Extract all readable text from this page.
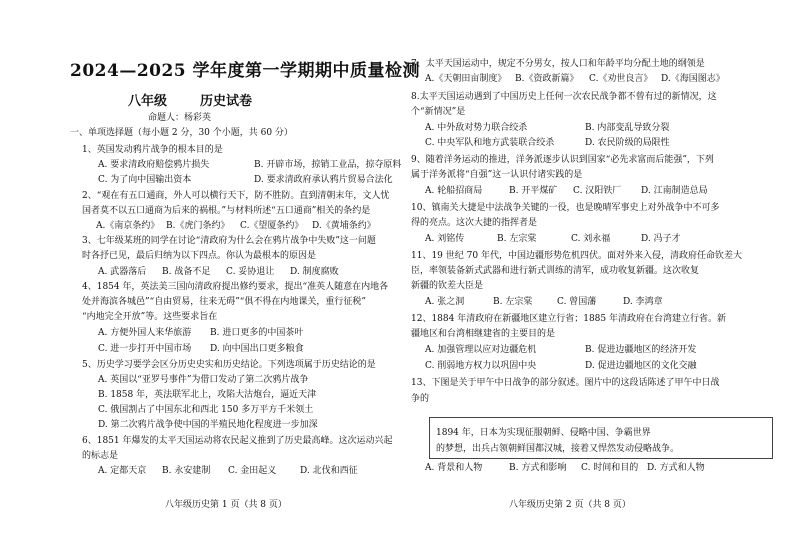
2024—2025 学年度第一学期期中质量检测
八年级	历史试卷
命题人：杨彩英
一、单项选择题（每小题 2 分，30 个小题，共 60 分）
1、英国发动鸦片战争的根本目的是
A. 要求清政府赔偿鸦片损失	B. 开辟市场，掠销工业品，掠夺原料
C. 为了向中国输出资本	D. 要求清政府承认鸦片贸易合法化
2、“观在有五口通商，外人可以横行天下，防不胜防。直到清朝末年，文人忧
国者莫不以五口通商为后来的祸根。”与材料所述“五口通商”相关的条约是
A.《南京条约》 B.《虎门条约》 C.《望厦条约》 D.《黄埔条约》
3、七年级某班的同学在讨论“清政府为什么会在鸦片战争中失败”这一问题
时各抒已见，最后归纳为以下四点。你认为最根本的原因是
A. 武器落后 B. 战备不足 C. 妥协退让 D. 制度腐败
4、1854 年，英法美三国向清政府提出修约要求，提出“准英人随意在内地各
处并海滨各城邑”“自由贸易，往来无碍”“俱不得在内地课关，重行征税”
“内地完全开放”等。这些要求旨在
A. 方便外国人来华旅游 B. 进口更多的中国茶叶
C. 进一步打开中国市场 D. 向中国出口更多粮食
5、历史学习要学会区分历史史实和历史结论。下列选项属于历史结论的是
A. 英国以“亚罗号事件”为借口发动了第二次鸦片战争
B. 1858 年，英法联军北上，攻陷大沽炮台，逼近天津
C. 俄国割占了中国东北和西北 150 多万平方千米领土
D. 第二次鸦片战争使中国的半殖民地化程度进一步加深
6、1851 年爆发的太平天国运动将农民起义推到了历史最高峰。这次运动兴起
的标志是
A. 定都天京 B. 永安建制 C. 金田起义	D. 北伐和西征
八年级历史第 1 页（共 8 页）
7、太平天国运动中，规定不分男女，按人口和年龄平均分配土地的纲领是
A.《天朝田亩制度》 B.《资政新篇》 C.《劝世良言》 D.《海国图志》
8.太平天国运动遇到了中国历史上任何一次农民战争都不曾有过的新情况，这
个“新情况”是
A. 中外敌对势力联合绞杀	B. 内部变乱导致分裂
C. 中央军队和地方武装联合绞杀	D. 农民阶级的局限性
9、随着洋务运动的推进，洋务派逐步认识到国家“必先求富而后能强”，下列
属于洋务派将“自强”这一认识付诸实践的是
A. 轮船招商局	B. 开平煤矿 C. 汉阳铁厂 D. 江南制造总局
10、镇南关大捷是中法战争关键的一役，也是晚晴军事史上对外战争中不可多
得的亮点。这次大捷的指挥者是
A. 刘铭传	B. 左宗棠	C. 刘永福	D. 冯子才
11、19 世纪 70 年代，中国边疆形势危机四伏。面对外来入侵，清政府任命钦差大
臣，率领装备新式武器和进行新式训练的清军，成功收复新疆。这次收复
新疆的钦差大臣是
A. 张之洞	B. 左宗棠	C. 曾国藩	D. 李鸿章
12、1884 年清政府在新疆地区建立行省；1885 年清政府在台湾建立行省。新
疆地区和台湾相继建省的主要目的是
A. 加强管理以应对边疆危机	B. 促进边疆地区的经济开发
C. 削弱地方权力以巩固中央	D. 促进边疆地区的文化交融
13、下图是关于甲午中日战争的部分叙述。图片中的这段话陈述了甲午中日战
争的
1894 年，日本为实现征服朝鲜、侵略中国、争霸世界
的梦想，出兵占领朝鲜国都汉城，接着又悍然发动侵略战争。
A. 背景和人物	B. 方式和影响 C. 时间和目的 D. 方式和人物
八年级历史第 2 页（共 8 页）
